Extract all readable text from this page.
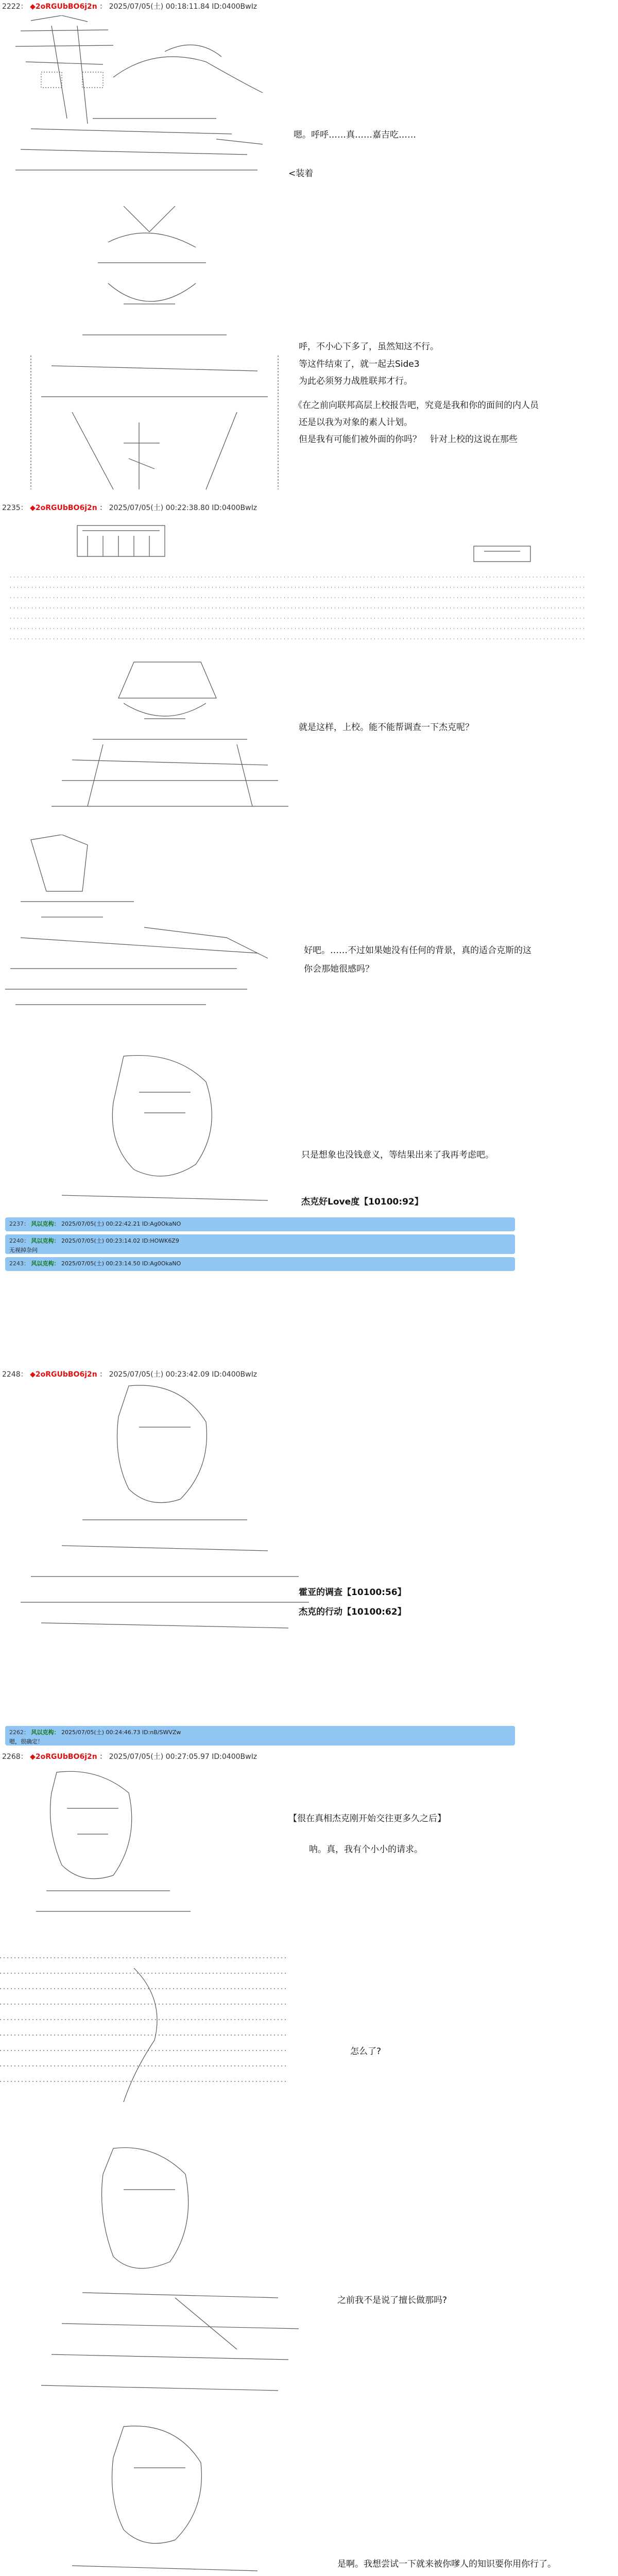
2222： ◆2oRGUbBO6j2n ： 2025/07/05(土) 00:18:11.84 ID:0400BwIz
2235： ◆2oRGUbBO6j2n ： 2025/07/05(土) 00:22:38.80 ID:0400BwIz
2248： ◆2oRGUbBO6j2n ： 2025/07/05(土) 00:23:42.09 ID:0400BwIz
2268： ◆2oRGUbBO6j2n ： 2025/07/05(土) 00:27:05.97 ID:0400BwIz
嗯。呼呼……真……嘉吉吃……
<装着
呼，不小心下多了，虽然知这不行。
等这件结束了，就一起去Side3
为此必须努力战胜联邦才行。
《在之前向联邦高层上校报告吧，究竟是我和你的面间的内人员
还是以我为对象的素人计划。
但是我有可能们被外面的你吗？　针对上校的这说在那些
就是这样，上校。能不能帮调查一下杰克呢？
好吧。……不过如果她没有任何的背景，真的适合克斯的这
你会那她很感吗？
只是想象也没钱意义，等结果出来了我再考虑吧。
杰克好Love度【10100:92】
霍亚的调查【10100:56】
杰克的行动【10100:62】
【很在真相杰克刚开始交往更多久之后】
呐。真，我有个小小的请求。
怎么了?
之前我不是说了擅长做那吗?
是啊。我想尝试一下就来被你嗲人的知识要你用你行了。
2237： 风以克构： 2025/07/05(土) 00:22:42.21 ID:Ag0OkaNO
2240： 风以克构： 2025/07/05(土) 00:23:14.02 ID:HOWK6Z9
无视掉杂问
2243： 风以克构： 2025/07/05(土) 00:23:14.50 ID:Ag0OkaNO
2262： 风以克构： 2025/07/05(土) 00:24:46.73 ID:nB/SWVZw
嗯，很确定！
